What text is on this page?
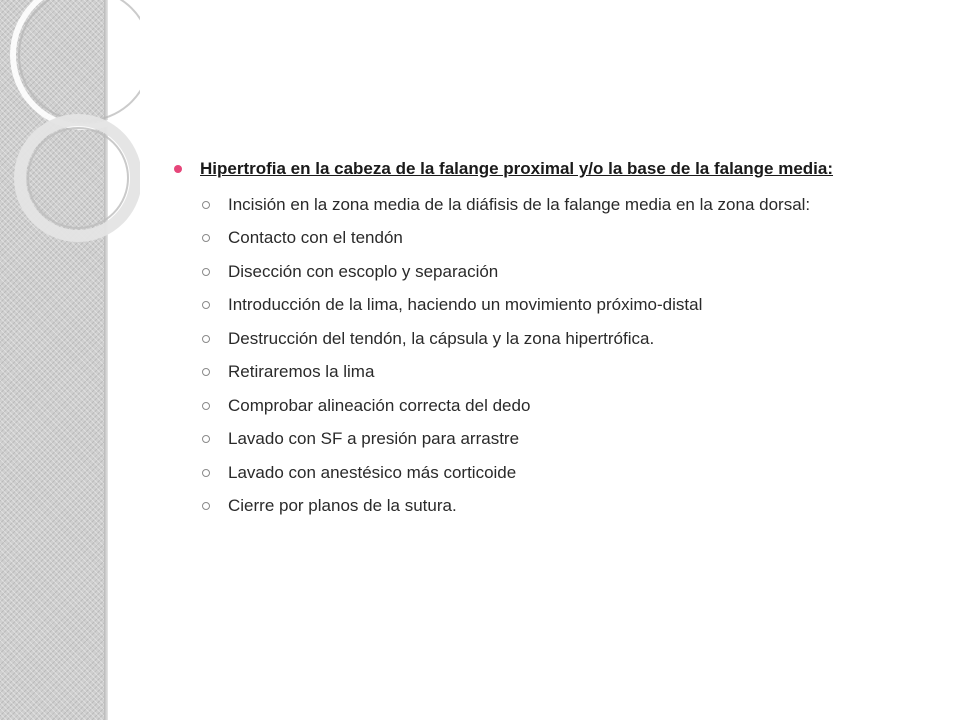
Hipertrofia en la cabeza de la falange proximal y/o la base de la falange media:
Incisión en la zona media de la diáfisis de la falange media en la zona dorsal:
Contacto con el tendón
Disección con escoplo y separación
Introducción de la lima, haciendo un movimiento próximo-distal
Destrucción del tendón, la cápsula y la zona hipertrófica.
Retiraremos la lima
Comprobar alineación correcta del dedo
Lavado con SF a presión para arrastre
Lavado con anestésico más corticoide
Cierre por planos de la sutura.
